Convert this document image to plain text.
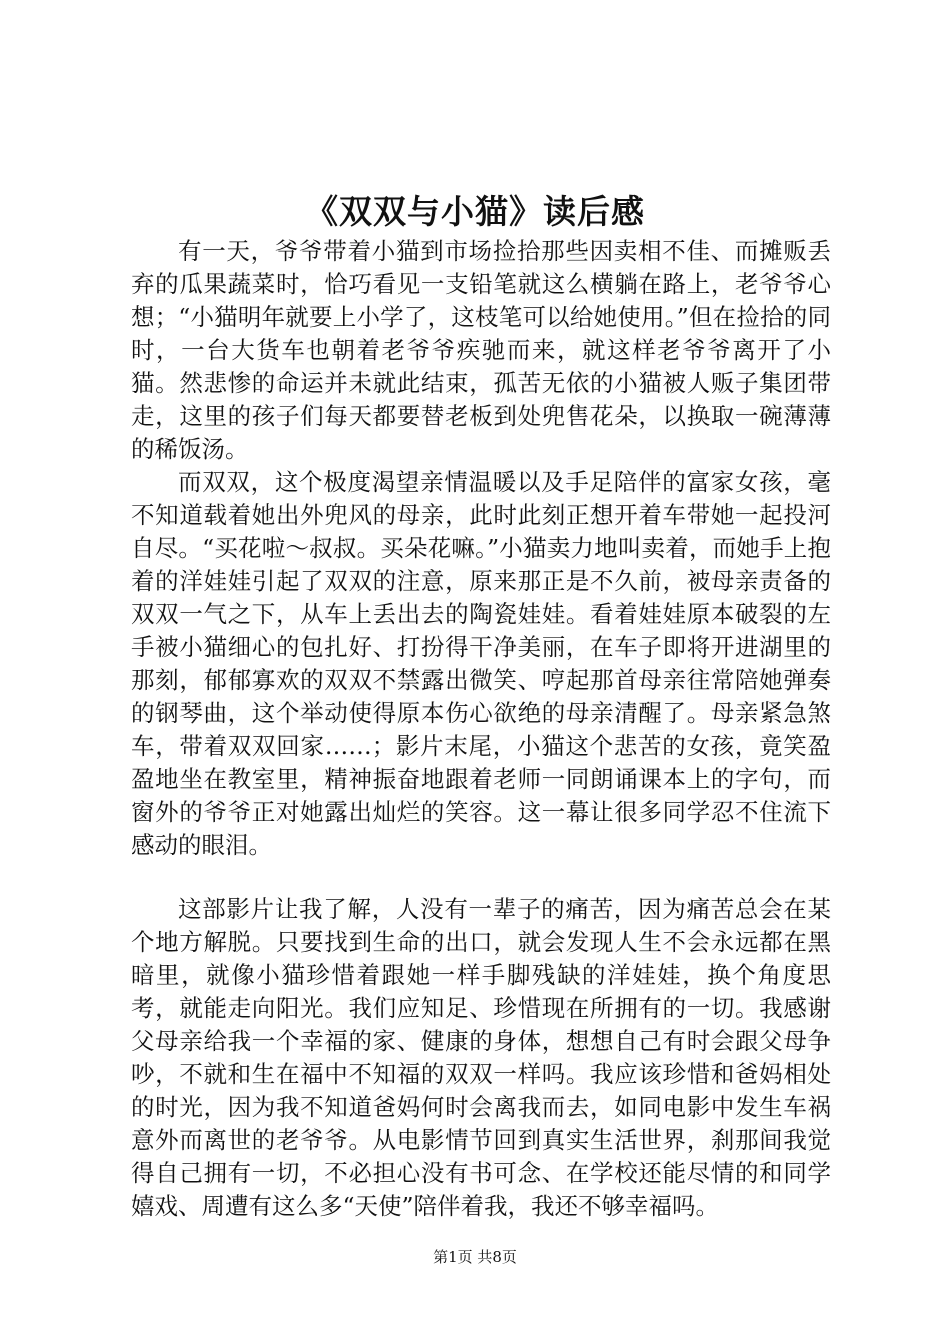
《双双与小猫》读后感

有一天，爷爷带着小猫到市场捡拾那些因卖相不佳、而摊贩丢弃的瓜果蔬菜时，恰巧看见一支铅笔就这么横躺在路上，老爷爷心想；“小猫明年就要上小学了，这枝笔可以给她使用。”但在捡拾的同时，一台大货车也朝着老爷爷疾驰而来，就这样老爷爷离开了小猫。然悲惨的命运并未就此结束，孤苦无依的小猫被人贩子集团带走，这里的孩子们每天都要替老板到处兜售花朵，以换取一碗薄薄的稀饭汤。

而双双，这个极度渴望亲情温暖以及手足陪伴的富家女孩，毫不知道载着她出外兜风的母亲，此时此刻正想开着车带她一起投河自尽。“买花啦～叔叔。买朵花嘛。”小猫卖力地叫卖着，而她手上抱着的洋娃娃引起了双双的注意，原来那正是不久前，被母亲责备的双双一气之下，从车上丢出去的陶瓷娃娃。看着娃娃原本破裂的左手被小猫细心的包扎好、打扮得干净美丽，在车子即将开进湖里的那刻，郁郁寡欢的双双不禁露出微笑、哼起那首母亲往常陪她弹奏的钢琴曲，这个举动使得原本伤心欲绝的母亲清醒了。母亲紧急煞车，带着双双回家……；影片末尾，小猫这个悲苦的女孩，竟笑盈盈地坐在教室里，精神振奋地跟着老师一同朗诵课本上的字句，而窗外的爷爷正对她露出灿烂的笑容。这一幕让很多同学忍不住流下感动的眼泪。

这部影片让我了解，人没有一辈子的痛苦，因为痛苦总会在某个地方解脱。只要找到生命的出口，就会发现人生不会永远都在黑暗里，就像小猫珍惜着跟她一样手脚残缺的洋娃娃，换个角度思考，就能走向阳光。我们应知足、珍惜现在所拥有的一切。我感谢父母亲给我一个幸福的家、健康的身体，想想自己有时会跟父母争吵，不就和生在福中不知福的双双一样吗。我应该珍惜和爸妈相处的时光，因为我不知道爸妈何时会离我而去，如同电影中发生车祸意外而离世的老爷爷。从电影情节回到真实生活世界，刹那间我觉得自己拥有一切，不必担心没有书可念、在学校还能尽情的和同学嬉戏、周遭有这么多“天使”陪伴着我，我还不够幸福吗。

第1页 共8页
